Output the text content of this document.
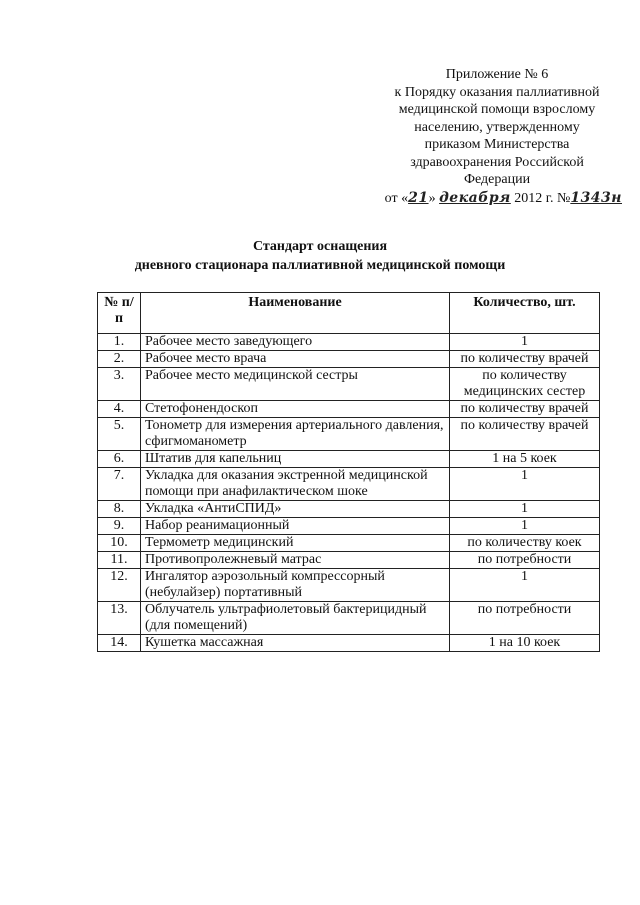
Приложение № 6
к Порядку оказания паллиативной
медицинской помощи взрослому
населению, утвержденному
приказом Министерства
здравоохранения Российской
Федерации
от «21» декабря 2012 г. №1343н
Стандарт оснащения
дневного стационара паллиативной медицинской помощи
№ п/п	Наименование	Количество, шт.
1.	Рабочее место заведующего	1
2.	Рабочее место врача	по количеству врачей
3.	Рабочее место медицинской сестры	по количеству медицинских сестер
4.	Стетофонендоскоп	по количеству врачей
5.	Тонометр для измерения артериального давления, сфигмоманометр	по количеству врачей
6.	Штатив для капельниц	1 на 5 коек
7.	Укладка для оказания экстренной медицинской помощи при анафилактическом шоке	1
8.	Укладка «АнтиСПИД»	1
9.	Набор реанимационный	1
10.	Термометр медицинский	по количеству коек
11.	Противопролежневый матрас	по потребности
12.	Ингалятор аэрозольный компрессорный (небулайзер) портативный	1
13.	Облучатель ультрафиолетовый бактерицидный (для помещений)	по потребности
14.	Кушетка массажная	1 на 10 коек
